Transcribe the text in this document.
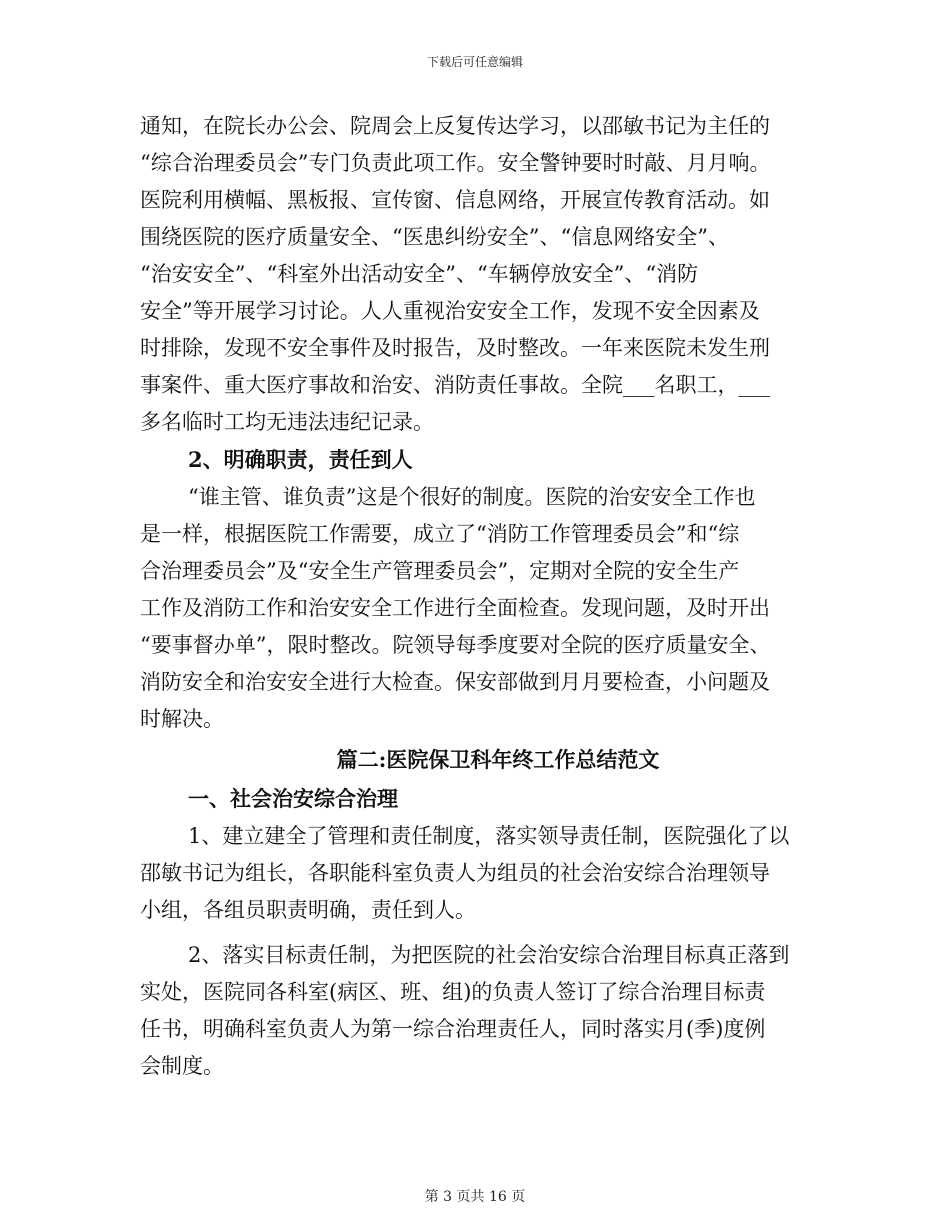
下载后可任意编辑

通知，在院长办公会、院周会上反复传达学习，以邵敏书记为主任的
“综合治理委员会”专门负责此项工作。安全警钟要时时敲、月月响。
医院利用横幅、黑板报、宣传窗、信息网络，开展宣传教育活动。如
围绕医院的医疗质量安全、“医患纠纷安全”、“信息网络安全”、
“治安安全”、“科室外出活动安全”、“车辆停放安全”、“消防
安全”等开展学习讨论。人人重视治安安全工作，发现不安全因素及
时排除，发现不安全事件及时报告，及时整改。一年来医院未发生刑
事案件、重大医疗事故和治安、消防责任事故。全院___名职工，___
多名临时工均无违法违纪记录。

2、明确职责，责任到人

“谁主管、谁负责”这是个很好的制度。医院的治安安全工作也
是一样，根据医院工作需要，成立了“消防工作管理委员会”和“综
合治理委员会”及“安全生产管理委员会”，定期对全院的安全生产
工作及消防工作和治安安全工作进行全面检查。发现问题，及时开出
“要事督办单”，限时整改。院领导每季度要对全院的医疗质量安全、
消防安全和治安安全进行大检查。保安部做到月月要检查，小问题及
时解决。

篇二:医院保卫科年终工作总结范文

一、社会治安综合治理

1、建立建全了管理和责任制度，落实领导责任制，医院强化了以
邵敏书记为组长，各职能科室负责人为组员的社会治安综合治理领导
小组，各组员职责明确，责任到人。

2、落实目标责任制，为把医院的社会治安综合治理目标真正落到
实处，医院同各科室(病区、班、组)的负责人签订了综合治理目标责
任书，明确科室负责人为第一综合治理责任人，同时落实月(季)度例
会制度。

第 3 页共 16 页
